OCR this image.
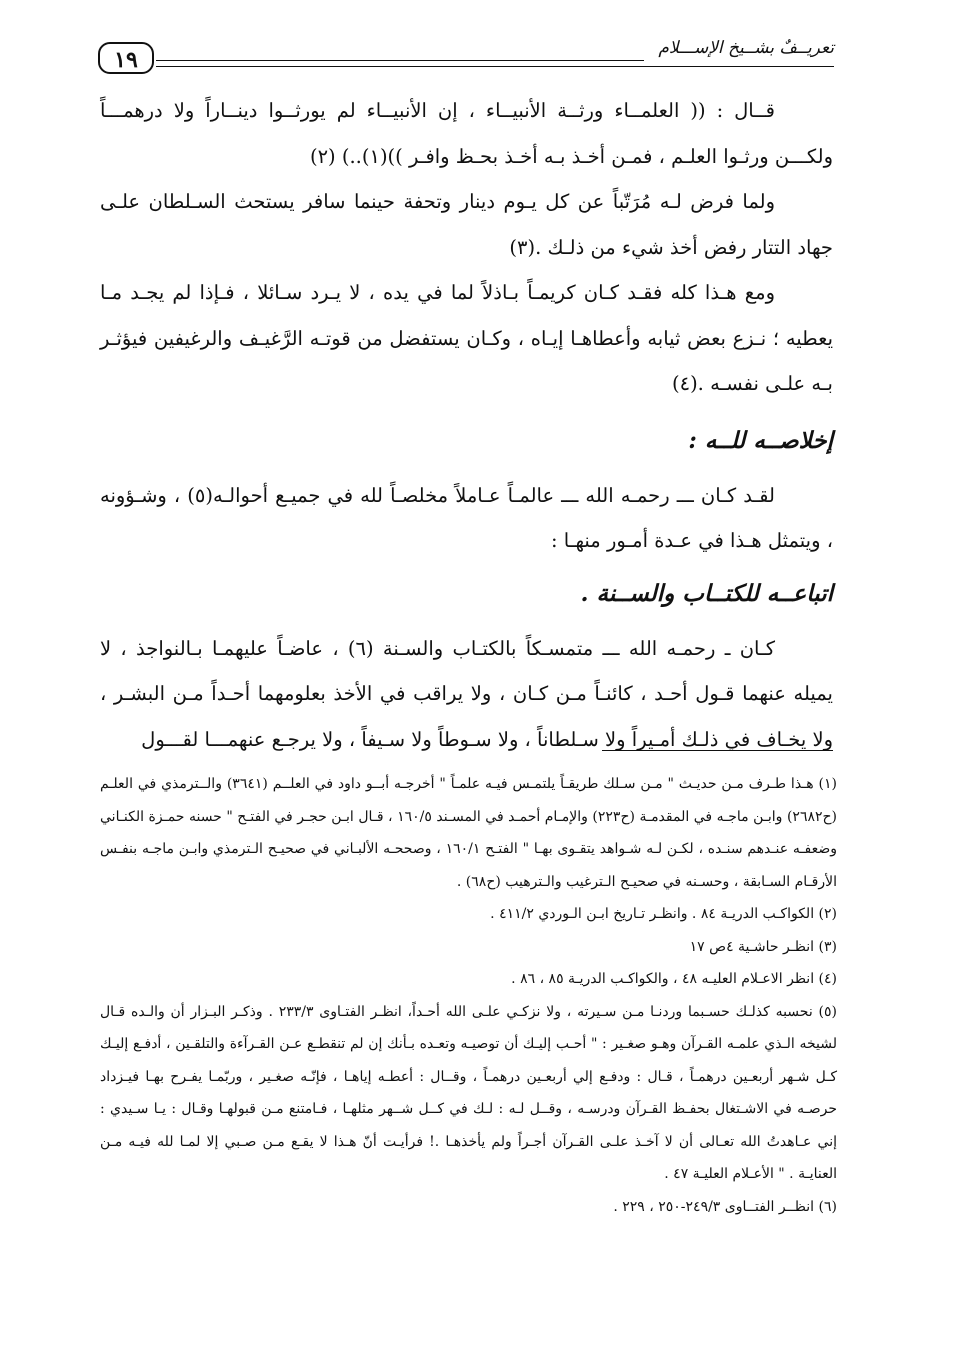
١٩	تعريــفٌ بشــيخ الإســـلام

قــال : (( العلمــاء ورثــة الأنبيــاء ، إن الأنبيــاء لم يورثــوا دينــاراً ولا درهمـــاً ولكـــن ورثـوا العلـم ، فمـن أخـذ بـه أخـذ بحـظ وافـر ))(١)..) (٢)

ولما فرض لـه مُرَتّباً عن كل يـوم دينار وتحفة حينما سافر يستحث السـلطان علـى جهاد التتار رفض أخذ شيء من ذلـك .(٣)

ومع هـذا كله فقـد كـان كريمـاً بـاذلاً لما في يده ، لا يـرد سـائلا ، فـإذا لم يجـد مـا يعطيه ؛ نـزع بعض ثيابه وأعطاهـا إيـاه ، وكـان يستفضل من قوتـه الرَّغيـف والرغيفين فيؤثـر بـه علـى نفسـه .(٤)

إخلاصــه للــه :

لقـد كـان ـــ رحمـه الله ـــ عالمـاً عـاملاً مخلصـاً لله في جميـع أحوالـه(٥) ، وشـؤونه ، ويتمثل هـذا في عـدة أمـور منهـا :

اتباعــه للكتــاب والســنة .

كـان ـ رحمـه الله ـــ متمسـكاً بالكتـاب والسـنة (٦) ، عاضـاً عليهمـا بـالنواجذ ، لا يميله عنهما قـول أحـد ، كائنـاً مـن كـان ، ولا يراقب في الأخذ بعلومهما أحـداً مـن البشـر ، ولا يخـاف في ذلـك أمـيراً ولا سـلطاناً ، ولا سـوطاً ولا سـيفاً ، ولا يرجـع عنهمـــا لقـــول

(١) هـذا طـرف مـن حديـث " مـن سـلك طريقـاً يلتمـس فيـه علمـاً " أخرجـه أبــو داود في العلــم (٣٦٤١) والــترمذي في العلـم (ح٢٦٨٢) وابـن ماجـه في المقدمـة (ح٢٢٣) والإمـام أحمـد في المسـند ١٦٠/٥ ، قـال ابـن حجـر في الفتـح " حسنه حمـزة الكنـاني وضعفـه عنـدهم سنـده ، لكـن لـه شـواهد يتقـوى بهـا " الفتـح ١٦٠/١ ، وصححـه الألبـاني في صحيـح الـترمذي وابـن ماجـه بنفـس الأرقـام السـابقة ، وحسـنه في صحيـح الـترغيب والـترهيب (ح٦٨) .

(٢) الكواكـب الدريـة ٨٤ . وانظـر تـاريخ ابـن الـوردي ٤١١/٢ .

(٣) انظـر حاشـية ٤ص ١٧

(٤) انظر الاعـلام العليـه ٤٨ ، والكواكـب الدريـة ٨٥ ، ٨٦ .

(٥) نحسبه كذلـك حسـبما وردنـا مـن سـيرته ، ولا نزكـي علـى الله أحـداً، انظـر الفتـاوى ٢٣٣/٣ . وذكـر البـزار أن والـده قـال لشيخه الـذي علمـه القـرآن وهـو صغـير : " أحـب إليـك أن توصيـه وتعـده بـأنك إن لم تنقطـع عـن القـرآءة والتلقـين ، أدفـع إليـك كـل شـهر أربعـين درهمـاً ، قـال : ودفـع إلي أربعـين درهمـاً ، وقــال : أعطـه إياهـا ، فإنّـه صغـير ، وربّمـا يفـرح بهـا فيـزداد حرصـه في الاشـتغال بحفـظ القـرآن ودرسـه ، وقــل لـه : لـك في كــل شــهر مثلهـا ، فـامتنع مـن قبولهـا وقـال : يـا سـيدي : إني عـاهدتُ الله تعـالى أن لا آخـذ علـى القـرآن أجـراً ولم يأخذهـا .! فرأيـت أنّ هـذا لا يقـع مـن صـبي إلا لمـا لله فيـه مـن العنايـة . " الأعـلام العليـة ٤٧ .

(٦) انظــر الفتــاوى ٢٤٩/٣-٢٥٠ ، ٢٢٩ .
